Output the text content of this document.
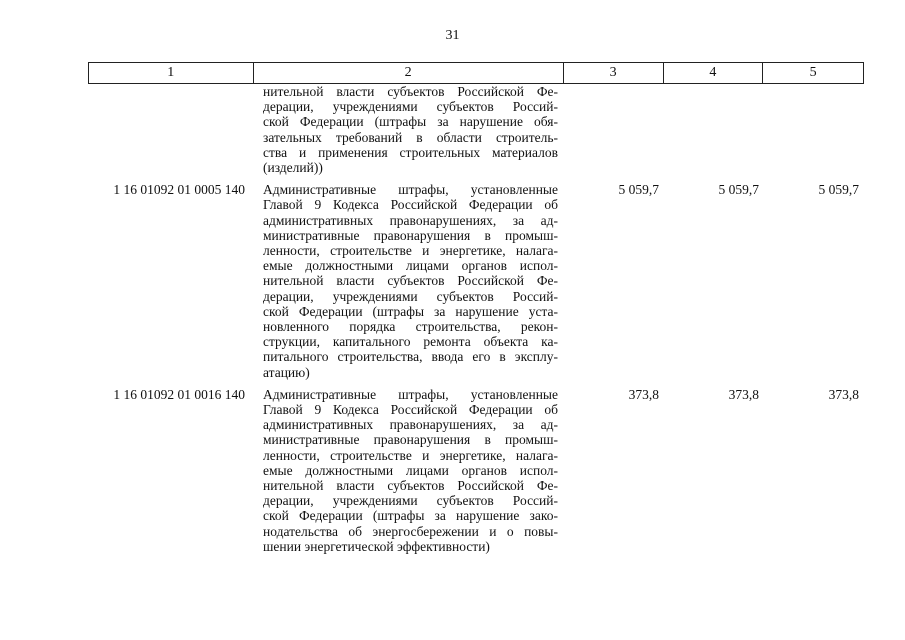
31
1	2	3	4	5
нительной власти субъектов Российской Фе-
дерации, учреждениями субъектов Россий-
ской Федерации (штрафы за нарушение обя-
зательных требований в области строитель-
ства и применения строительных материалов
(изделий))
1 16 01092 01 0005 140	Административные штрафы, установленные
Главой 9 Кодекса Российской Федерации об
административных правонарушениях, за ад-
министративные правонарушения в промыш-
ленности, строительстве и энергетике, налага-
емые должностными лицами органов испол-
нительной власти субъектов Российской Фе-
дерации, учреждениями субъектов Россий-
ской Федерации (штрафы за нарушение уста-
новленного порядка строительства, рекон-
струкции, капитального ремонта объекта ка-
питального строительства, ввода его в эксплу-
атацию)
5 059,7	5 059,7	5 059,7
1 16 01092 01 0016 140	Административные штрафы, установленные
Главой 9 Кодекса Российской Федерации об
административных правонарушениях, за ад-
министративные правонарушения в промыш-
ленности, строительстве и энергетике, налага-
емые должностными лицами органов испол-
нительной власти субъектов Российской Фе-
дерации, учреждениями субъектов Россий-
ской Федерации (штрафы за нарушение зако-
нодательства об энергосбережении и о повы-
шении энергетической эффективности)
373,8	373,8	373,8
